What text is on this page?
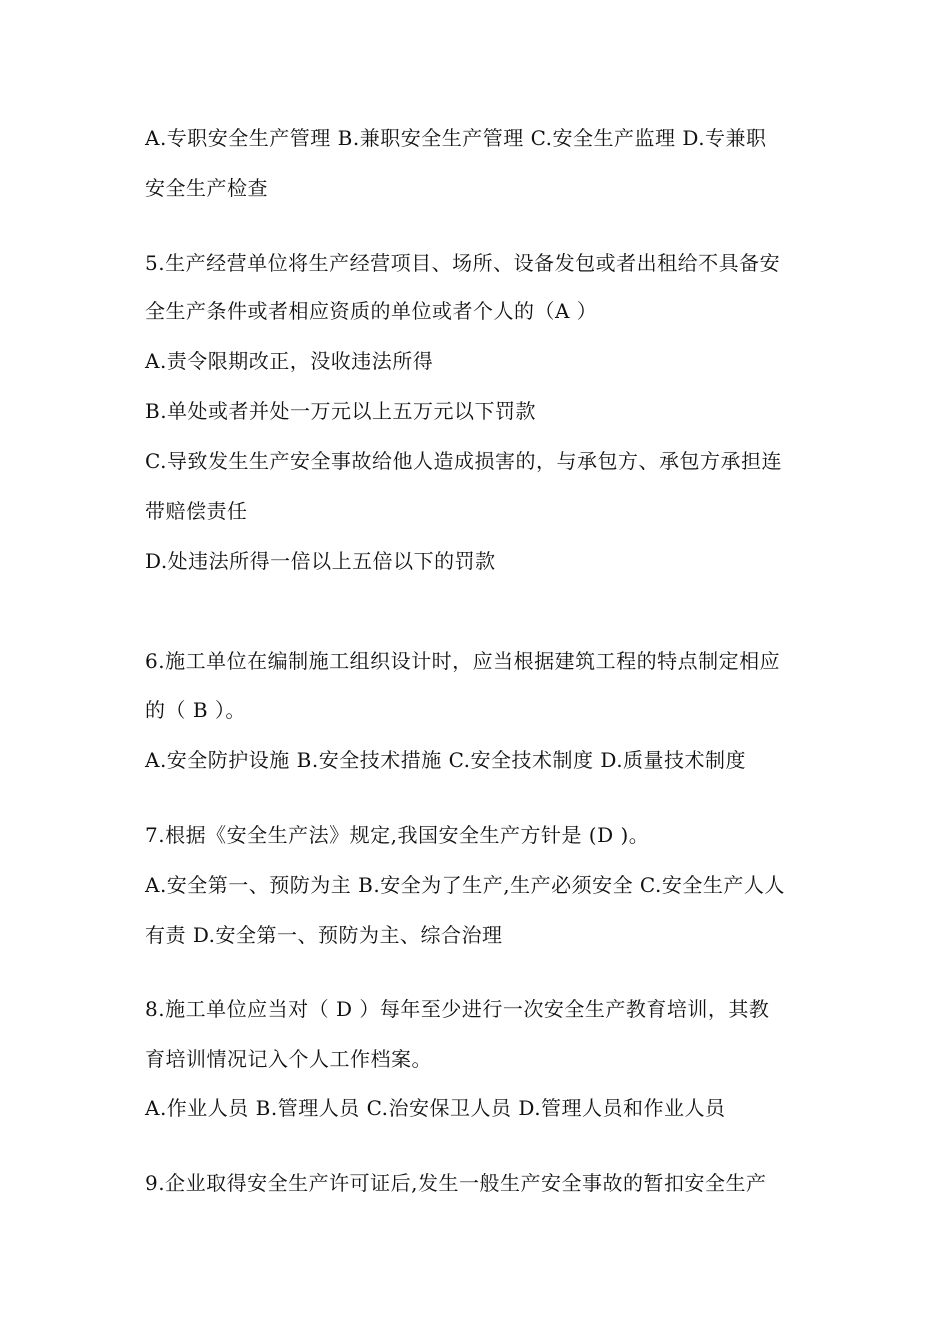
A.专职安全生产管理 B.兼职安全生产管理 C.安全生产监理 D.专兼职
安全生产检查
5.生产经营单位将生产经营项目、场所、设备发包或者出租给不具备安
全生产条件或者相应资质的单位或者个人的（A ）
A.责令限期改正，没收违法所得
B.单处或者并处一万元以上五万元以下罚款
C.导致发生生产安全事故给他人造成损害的，与承包方、承包方承担连
带赔偿责任
D.处违法所得一倍以上五倍以下的罚款
6.施工单位在编制施工组织设计时，应当根据建筑工程的特点制定相应
的（ B ）。
A.安全防护设施 B.安全技术措施 C.安全技术制度 D.质量技术制度
7.根据《安全生产法》规定,我国安全生产方针是 (D )。
A.安全第一、预防为主 B.安全为了生产,生产必须安全 C.安全生产人人
有责 D.安全第一、预防为主、综合治理
8.施工单位应当对（ D ）每年至少进行一次安全生产教育培训，其教
育培训情况记入个人工作档案。
A.作业人员 B.管理人员 C.治安保卫人员 D.管理人员和作业人员
9.企业取得安全生产许可证后,发生一般生产安全事故的暂扣安全生产
